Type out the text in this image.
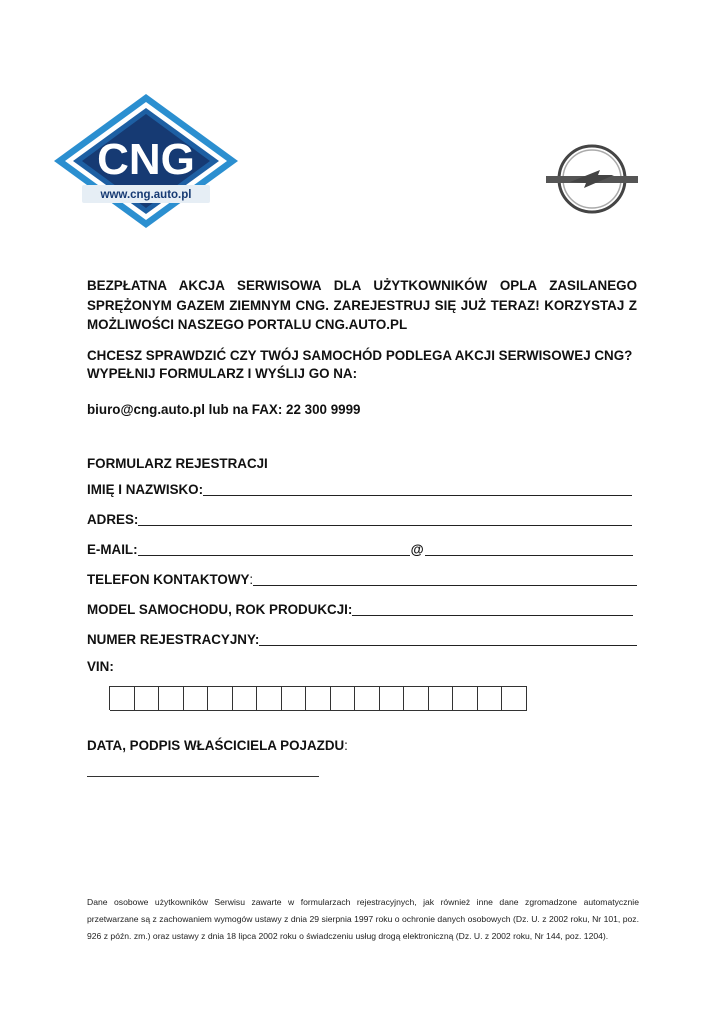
CNG
www.cng.auto.pl
BEZPŁATNA AKCJA SERWISOWA DLA UŻYTKOWNIKÓW OPLA ZASILANEGO SPRĘŻONYM GAZEM ZIEMNYM CNG. ZAREJESTRUJ SIĘ JUŻ TERAZ! KORZYSTAJ Z MOŻLIWOŚCI NASZEGO PORTALU CNG.AUTO.PL
CHCESZ SPRAWDZIĆ CZY TWÓJ SAMOCHÓD PODLEGA AKCJI SERWISOWEJ CNG?
WYPEŁNIJ FORMULARZ I WYŚLIJ GO NA:
biuro@cng.auto.pl lub na FAX: 22 300 9999
FORMULARZ REJESTRACJI
IMIĘ I NAZWISKO:
ADRES:
E-MAIL:	@
TELEFON KONTAKTOWY :
MODEL SAMOCHODU, ROK PRODUKCJI:
NUMER REJESTRACYJNY:
VIN:
DATA, PODPIS WŁAŚCICIELA POJAZDU:
Dane osobowe użytkowników Serwisu zawarte w formularzach rejestracyjnych, jak również inne dane zgromadzone automatycznie przetwarzane są z zachowaniem wymogów ustawy z dnia 29 sierpnia 1997 roku o ochronie danych osobowych (Dz. U. z 2002 roku, Nr 101, poz. 926 z późn. zm.) oraz ustawy z dnia 18 lipca 2002 roku o świadczeniu usług drogą elektroniczną (Dz. U. z 2002 roku, Nr 144, poz. 1204).
